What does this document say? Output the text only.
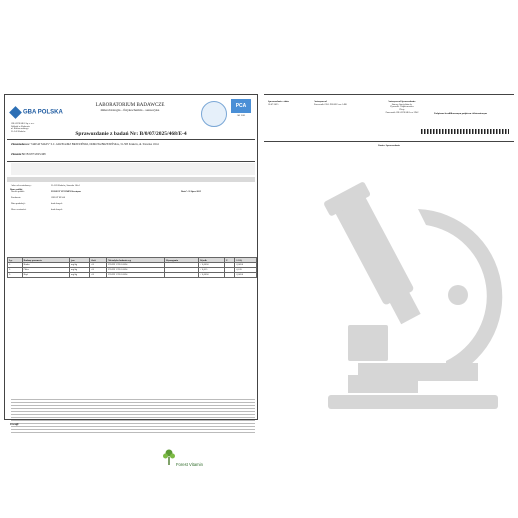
GBA POLSKA
GBA POLSKA Sp. z o.o.
Oddział w Krakowie
ul. Kaliszewskiego
31-342 Kraków
LABORATORIUM BADAWCZE
mikrobiologia - fizykochemia - sensoryka
PCA
AB 1565
Sprawozdanie z badań Nr: B/0/07/2025/468/E-4
Zleceniodawca: "GREAT MASS" S.C. GRZEGORZ BRZEZIŃSKI, DOROTA BRZEZIŃSKA, 31-583 Kraków, ul. Stawska 10/u1
Zlecenie Nr: B/0/07/2025/468
Dane próbki
Adres zleceniodawcy:	31-583 Kraków, Stawska 10/u1
Nazwa próbki:	FOREST VITAMIN Kreatyna
Producent:	GREAT MASS
Data produkcji:	brak danych
Okres ważności:	brak danych
Data*: 31 lipca 2025
Lp.	Badany parametr	j.m.	ilość	Metodyka badania wg	Wymagania	Wynik	U	LOQ
1.	Kadm	mg/kg	≤0	PN-EN 17851:2024		< 0,0050		0,0050
2.	Ołów	mg/kg	≤0	PN-EN 17851:2024		< 0,015		0,015
3.	Rtęć	mg/kg	≤0	PN-EN 17851:2024		< 0,0050		0,0050
Uwagi:
Forest Vitamin
Sprawozdanie z dnia:
18.07.2025
Autoryzował
Pracownik GBA POLSKA nr: 1490
Autoryzował Sprawozdanie:
Starszy Specjalista ds.
Żywności i Suplementów
Diety
Pracownik GBA POLSKA nr: 3942
Podpisano kwalifikowanym podpisem elektronicznym
Koniec Sprawozdania
